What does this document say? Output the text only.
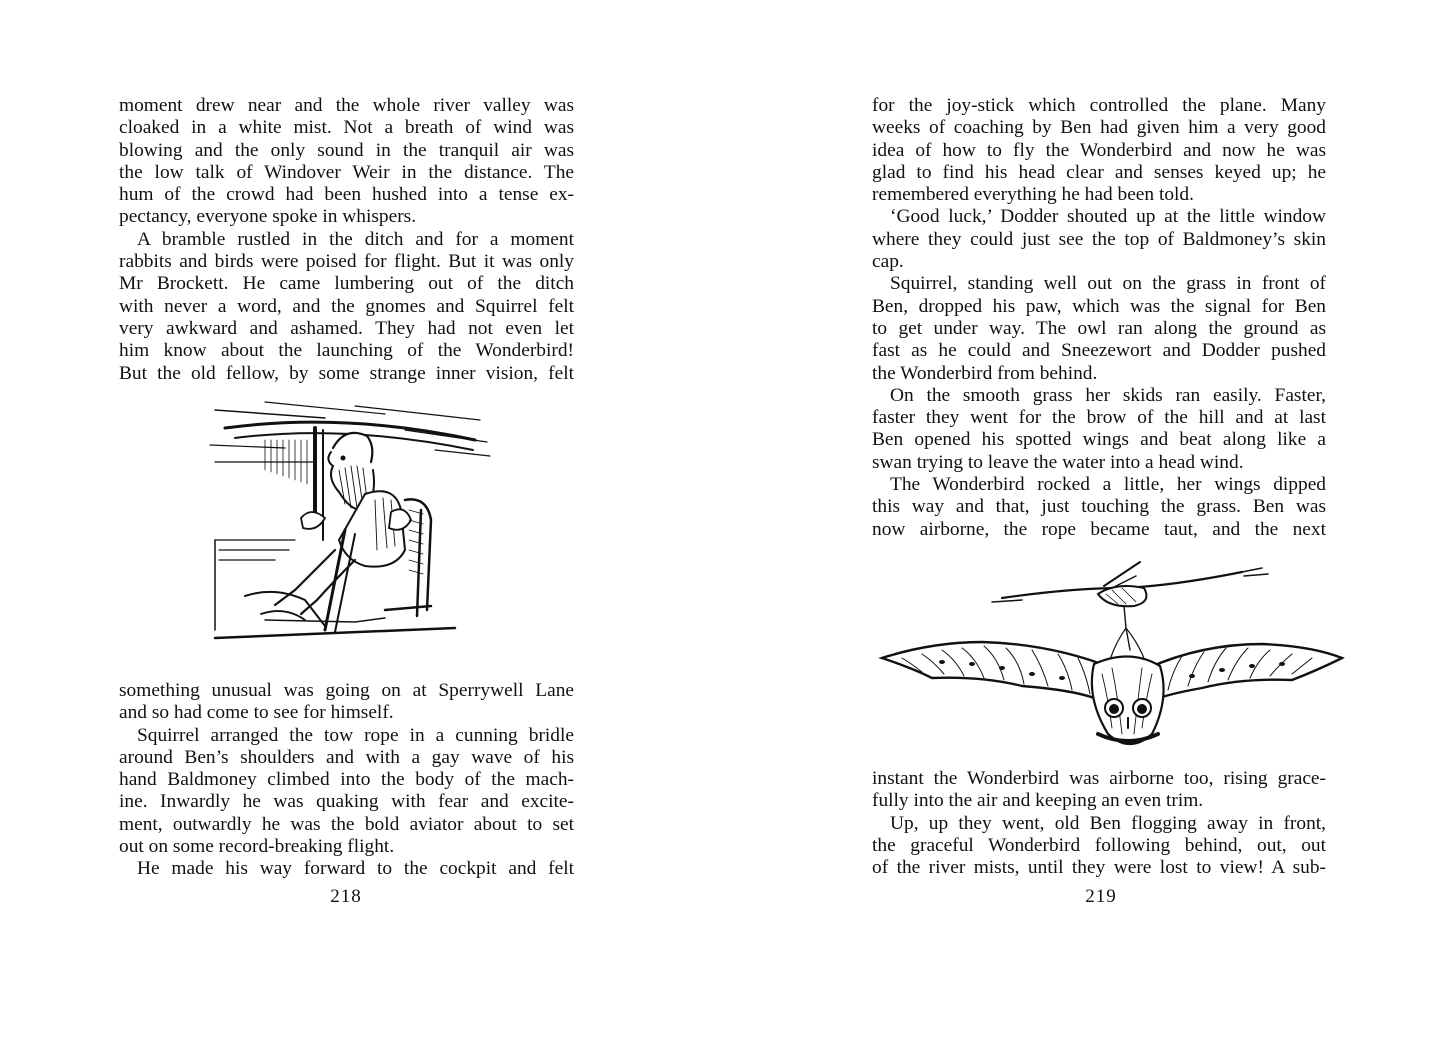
moment drew near and the whole river valley was
cloaked in a white mist. Not a breath of wind was
blowing and the only sound in the tranquil air was
the low talk of Windover Weir in the distance. The
hum of the crowd had been hushed into a tense ex-
pectancy, everyone spoke in whispers.
A bramble rustled in the ditch and for a moment
rabbits and birds were poised for flight. But it was only
Mr Brockett. He came lumbering out of the ditch
with never a word, and the gnomes and Squirrel felt
very awkward and ashamed. They had not even let
him know about the launching of the Wonderbird!
But the old fellow, by some strange inner vision, felt
something unusual was going on at Sperrywell Lane
and so had come to see for himself.
Squirrel arranged the tow rope in a cunning bridle
around Ben’s shoulders and with a gay wave of his
hand Baldmoney climbed into the body of the mach-
ine. Inwardly he was quaking with fear and excite-
ment, outwardly he was the bold aviator about to set
out on some record-breaking flight.
He made his way forward to the cockpit and felt
218
for the joy-stick which controlled the plane. Many
weeks of coaching by Ben had given him a very good
idea of how to fly the Wonderbird and now he was
glad to find his head clear and senses keyed up; he
remembered everything he had been told.
‘Good luck,’ Dodder shouted up at the little window
where they could just see the top of Baldmoney’s skin
cap.
Squirrel, standing well out on the grass in front of
Ben, dropped his paw, which was the signal for Ben
to get under way. The owl ran along the ground as
fast as he could and Sneezewort and Dodder pushed
the Wonderbird from behind.
On the smooth grass her skids ran easily. Faster,
faster they went for the brow of the hill and at last
Ben opened his spotted wings and beat along like a
swan trying to leave the water into a head wind.
The Wonderbird rocked a little, her wings dipped
this way and that, just touching the grass. Ben was
now airborne, the rope became taut, and the next
instant the Wonderbird was airborne too, rising grace-
fully into the air and keeping an even trim.
Up, up they went, old Ben flogging away in front,
the graceful Wonderbird following behind, out, out
of the river mists, until they were lost to view! A sub-
219
